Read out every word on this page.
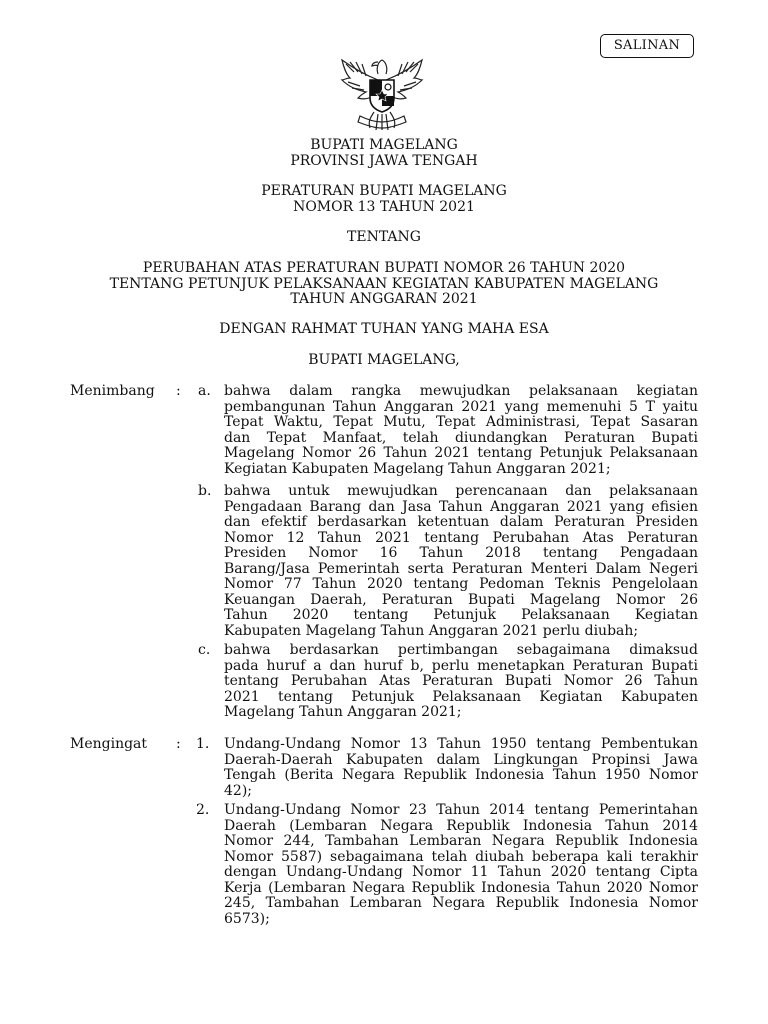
SALINAN
BUPATI MAGELANG
PROVINSI JAWA TENGAH
PERATURAN BUPATI MAGELANG
NOMOR 13 TAHUN 2021
TENTANG
PERUBAHAN ATAS PERATURAN BUPATI NOMOR 26 TAHUN 2020
TENTANG PETUNJUK PELAKSANAAN KEGIATAN KABUPATEN MAGELANG
TAHUN ANGGARAN 2021
DENGAN RAHMAT TUHAN YANG MAHA ESA
BUPATI MAGELANG,
Menimbang : a. bahwa dalam rangka mewujudkan pelaksanaan kegiatan
pembangunan Tahun Anggaran 2021 yang memenuhi 5 T yaitu
Tepat Waktu, Tepat Mutu, Tepat Administrasi, Tepat Sasaran
dan Tepat Manfaat, telah diundangkan Peraturan Bupati
Magelang Nomor 26 Tahun 2021 tentang Petunjuk Pelaksanaan
Kegiatan Kabupaten Magelang Tahun Anggaran 2021;
b. bahwa untuk mewujudkan perencanaan dan pelaksanaan
Pengadaan Barang dan Jasa Tahun Anggaran 2021 yang efisien
dan efektif berdasarkan ketentuan dalam Peraturan Presiden
Nomor 12 Tahun 2021 tentang Perubahan Atas Peraturan
Presiden Nomor 16 Tahun 2018 tentang Pengadaan
Barang/Jasa Pemerintah serta Peraturan Menteri Dalam Negeri
Nomor 77 Tahun 2020 tentang Pedoman Teknis Pengelolaan
Keuangan Daerah, Peraturan Bupati Magelang Nomor 26
Tahun 2020 tentang Petunjuk Pelaksanaan Kegiatan
Kabupaten Magelang Tahun Anggaran 2021 perlu diubah;
c. bahwa berdasarkan pertimbangan sebagaimana dimaksud
pada huruf a dan huruf b, perlu menetapkan Peraturan Bupati
tentang Perubahan Atas Peraturan Bupati Nomor 26 Tahun
2021 tentang Petunjuk Pelaksanaan Kegiatan Kabupaten
Magelang Tahun Anggaran 2021;
Mengingat : 1. Undang-Undang Nomor 13 Tahun 1950 tentang Pembentukan
Daerah-Daerah Kabupaten dalam Lingkungan Propinsi Jawa
Tengah (Berita Negara Republik Indonesia Tahun 1950 Nomor
42);
2. Undang-Undang Nomor 23 Tahun 2014 tentang Pemerintahan
Daerah (Lembaran Negara Republik Indonesia Tahun 2014
Nomor 244, Tambahan Lembaran Negara Republik Indonesia
Nomor 5587) sebagaimana telah diubah beberapa kali terakhir
dengan Undang-Undang Nomor 11 Tahun 2020 tentang Cipta
Kerja (Lembaran Negara Republik Indonesia Tahun 2020 Nomor
245, Tambahan Lembaran Negara Republik Indonesia Nomor
6573);
